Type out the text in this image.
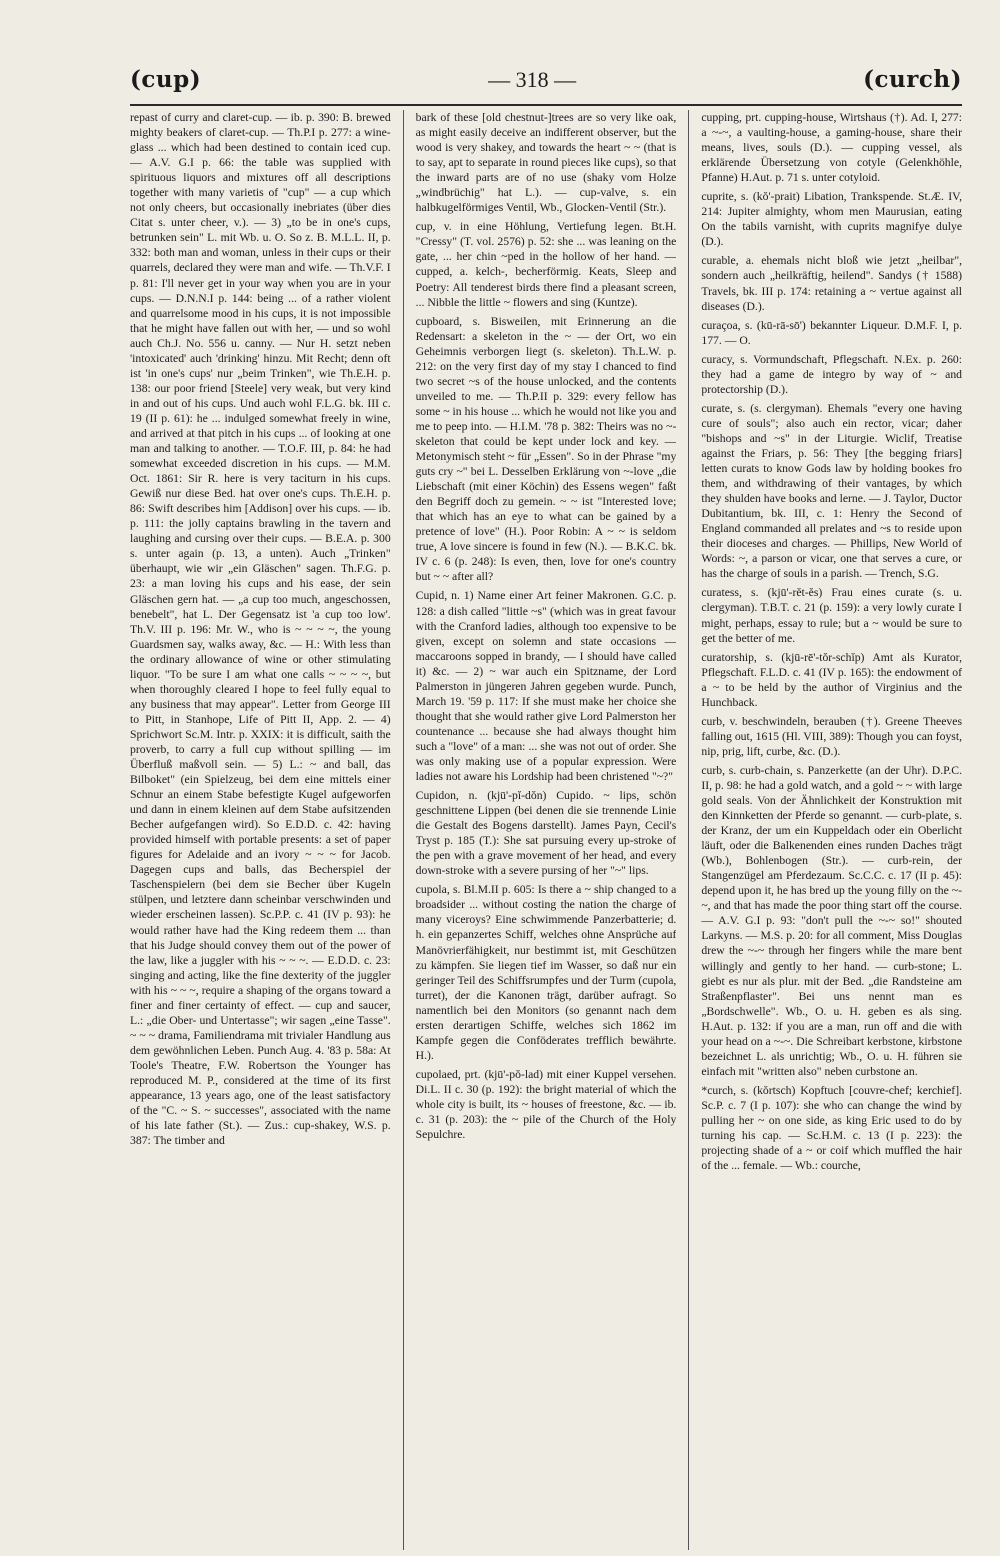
(cup)	— 318 —	(curch)

repast of curry and claret-cup. — ib. p. 390: B. brewed mighty beakers of claret-cup. — Th.P.I p. 277: a wine-glass ... which had been destined to contain iced cup. — A.V. G.I p. 66: the table was supplied with spirituous liquors and mixtures off all descriptions together with many varietis of "cup" — a cup which not only cheers, but occasionally inebriates (über dies Citat s. unter cheer, v.). — 3) „to be in one's cups, betrunken sein" L. mit Wb. u. O. So z. B. M.L.L. II, p. 332: both man and woman, unless in their cups or their quarrels, declared they were man and wife. — Th.V.F. I p. 81: I'll never get in your way when you are in your cups. — D.N.N.I p. 144: being ... of a rather violent and quarrelsome mood in his cups, it is not impossible that he might have fallen out with her, — und so wohl auch Ch.J. No. 556 u. canny. — Nur H. setzt neben 'intoxicated' auch 'drinking' hinzu. Mit Recht; denn oft ist 'in one's cups' nur „beim Trinken", wie Th.E.H. p. 138: our poor friend [Steele] very weak, but very kind in and out of his cups. Und auch wohl F.L.G. bk. III c. 19 (II p. 61): he ... indulged somewhat freely in wine, and arrived at that pitch in his cups ... of looking at one man and talking to another. — T.O.F. III, p. 84: he had somewhat exceeded discretion in his cups. — M.M. Oct. 1861: Sir R. here is very taciturn in his cups. Gewiß nur diese Bed. hat over one's cups. Th.E.H. p. 86: Swift describes him [Addison] over his cups. — ib. p. 111: the jolly captains brawling in the tavern and laughing and cursing over their cups. — B.E.A. p. 300 s. unter again (p. 13, a unten). Auch „Trinken" überhaupt, wie wir „ein Gläschen" sagen. Th.F.G. p. 23: a man loving his cups and his ease, der sein Gläschen gern hat. — „a cup too much, angeschossen, benebelt", hat L. Der Gegensatz ist 'a cup too low'. Th.V. III p. 196: Mr. W., who is ~ ~ ~ ~, the young Guardsmen say, walks away, &c. — H.: With less than the ordinary allowance of wine or other stimulating liquor. "To be sure I am what one calls ~ ~ ~ ~, but when thoroughly cleared I hope to feel fully equal to any business that may appear". Letter from George III to Pitt, in Stanhope, Life of Pitt II, App. 2. — 4) Sprichwort Sc.M. Intr. p. XXIX: it is difficult, saith the proverb, to carry a full cup without spilling — im Überfluß maßvoll sein. — 5) L.: ~ and ball, das Bilboket" (ein Spielzeug, bei dem eine mittels einer Schnur an einem Stabe befestigte Kugel aufgeworfen und dann in einem kleinen auf dem Stabe aufsitzenden Becher aufgefangen wird). So E.D.D. c. 42: having provided himself with portable presents: a set of paper figures for Adelaide and an ivory ~ ~ ~ for Jacob. Dagegen cups and balls, das Becherspiel der Taschenspielern (bei dem sie Becher über Kugeln stülpen, und letztere dann scheinbar verschwinden und wieder erscheinen lassen). Sc.P.P. c. 41 (IV p. 93): he would rather have had the King redeem them ... than that his Judge should convey them out of the power of the law, like a juggler with his ~ ~ ~. — E.D.D. c. 23: singing and acting, like the fine dexterity of the juggler with his ~ ~ ~, require a shaping of the organs toward a finer and finer certainty of effect. — cup and saucer, L.: „die Ober- und Untertasse"; wir sagen „eine Tasse". ~ ~ ~ drama, Familiendrama mit trivialer Handlung aus dem gewöhnlichen Leben. Punch Aug. 4. '83 p. 58a: At Toole's Theatre, F.W. Robertson the Younger has reproduced M. P., considered at the time of its first appearance, 13 years ago, one of the least satisfactory of the "C. ~ S. ~ successes", associated with the name of his late father (St.). — Zus.: cup-shakey, W.S. p. 387: The timber and

bark of these [old chestnut-]trees are so very like oak, as might easily deceive an indifferent observer, but the wood is very shakey, and towards the heart ~ ~ (that is to say, apt to separate in round pieces like cups), so that the inward parts are of no use (shaky vom Holze „windbrüchig" hat L.). — cup-valve, s. ein halbkugelförmiges Ventil, Wb., Glocken-Ventil (Str.).

cup, v. in eine Höhlung, Vertiefung legen. Bt.H. "Cressy" (T. vol. 2576) p. 52: she ... was leaning on the gate, ... her chin ~ped in the hollow of her hand. — cupped, a. kelch-, becherförmig. Keats, Sleep and Poetry: All tenderest birds there find a pleasant screen, ... Nibble the little ~ flowers and sing (Kuntze).

cupboard, s. Bisweilen, mit Erinnerung an die Redensart: a skeleton in the ~ — der Ort, wo ein Geheimnis verborgen liegt (s. skeleton). Th.L.W. p. 212: on the very first day of my stay I chanced to find two secret ~s of the house unlocked, and the contents unveiled to me. — Th.P.II p. 329: every fellow has some ~ in his house ... which he would not like you and me to peep into. — H.I.M. '78 p. 382: Theirs was no ~-skeleton that could be kept under lock and key. — Metonymisch steht ~ für „Essen". So in der Phrase "my guts cry ~" bei L. Desselben Erklärung von ~-love „die Liebschaft (mit einer Köchin) des Essens wegen" faßt den Begriff doch zu gemein. ~ ~ ist "Interested love; that which has an eye to what can be gained by a pretence of love" (H.). Poor Robin: A ~ ~ is seldom true, A love sincere is found in few (N.). — B.K.C. bk. IV c. 6 (p. 248): Is even, then, love for one's country but ~ ~ after all?

Cupid, n. 1) Name einer Art feiner Makronen. G.C. p. 128: a dish called "little ~s" (which was in great favour with the Cranford ladies, although too expensive to be given, except on solemn and state occasions — maccaroons sopped in brandy, — I should have called it) &c. — 2) ~ war auch ein Spitzname, der Lord Palmerston in jüngeren Jahren gegeben wurde. Punch, March 19. '59 p. 117: If she must make her choice she thought that she would rather give Lord Palmerston her countenance ... because she had always thought him such a "love" of a man: ... she was not out of order. She was only making use of a popular expression. Were ladies not aware his Lordship had been christened "~?"

Cupidon, n. (kjū'-pĭ-dŏn) Cupido. ~ lips, schön geschnittene Lippen (bei denen die sie trennende Linie die Gestalt des Bogens darstellt). James Payn, Cecil's Tryst p. 185 (T.): She sat pursuing every up-stroke of the pen with a grave movement of her head, and every down-stroke with a severe pursing of her "~" lips.

cupola, s. Bl.M.II p. 605: Is there a ~ ship changed to a broadsider ... without costing the nation the charge of many viceroys? Eine schwimmende Panzerbatterie; d. h. ein gepanzertes Schiff, welches ohne Ansprüche auf Manövrierfähigkeit, nur bestimmt ist, mit Geschützen zu kämpfen. Sie liegen tief im Wasser, so daß nur ein geringer Teil des Schiffsrumpfes und der Turm (cupola, turret), der die Kanonen trägt, darüber aufragt. So namentlich bei den Monitors (so genannt nach dem ersten derartigen Schiffe, welches sich 1862 im Kampfe gegen die Conföderates trefflich bewährte. H.).

cupolaed, prt. (kjū'-pŏ-lad) mit einer Kuppel versehen. Di.L. II c. 30 (p. 192): the bright material of which the whole city is built, its ~ houses of freestone, &c. — ib. c. 31 (p. 203): the ~ pile of the Church of the Holy Sepulchre.

cupping, prt. cupping-house, Wirtshaus (†). Ad. I, 277: a ~-~, a vaulting-house, a gaming-house, share their means, lives, souls (D.). — cupping vessel, als erklärende Übersetzung von cotyle (Gelenkhöhle, Pfanne) H.Aut. p. 71 s. unter cotyloid.

cuprite, s. (kŏ'-prait) Libation, Trankspende. St.Æ. IV, 214: Jupiter almighty, whom men Maurusian, eating On the tabils varnisht, with cuprits magnifye dulye (D.).

curable, a. ehemals nicht bloß wie jetzt „heilbar", sondern auch „heilkräftig, heilend". Sandys († 1588) Travels, bk. III p. 174: retaining a ~ vertue against all diseases (D.).

curaçoa, s. (kū-rā-sō') bekannter Liqueur. D.M.F. I, p. 177. — O.

curacy, s. Vormundschaft, Pflegschaft. N.Ex. p. 260: they had a game de integro by way of ~ and protectorship (D.).

curate, s. (s. clergyman). Ehemals "every one having cure of souls"; also auch ein rector, vicar; daher "bishops and ~s" in der Liturgie. Wiclif, Treatise against the Friars, p. 56: They [the begging friars] letten curats to know Gods law by holding bookes fro them, and withdrawing of their vantages, by which they shulden have books and lerne. — J. Taylor, Ductor Dubitantium, bk. III, c. 1: Henry the Second of England commanded all prelates and ~s to reside upon their dioceses and charges. — Phillips, New World of Words: ~, a parson or vicar, one that serves a cure, or has the charge of souls in a parish. — Trench, S.G.

curatess, s. (kjū'-rĕt-ĕs) Frau eines curate (s. u. clergyman). T.B.T. c. 21 (p. 159): a very lowly curate I might, perhaps, essay to rule; but a ~ would be sure to get the better of me.

curatorship, s. (kjū-rē'-tŏr-schĭp) Amt als Kurator, Pflegschaft. F.L.D. c. 41 (IV p. 165): the endowment of a ~ to be held by the author of Virginius and the Hunchback.

curb, v. beschwindeln, berauben (†). Greene Theeves falling out, 1615 (Hl. VIII, 389): Though you can foyst, nip, prig, lift, curbe, &c. (D.).

curb, s. curb-chain, s. Panzerkette (an der Uhr). D.P.C. II, p. 98: he had a gold watch, and a gold ~ ~ with large gold seals. Von der Ähnlichkeit der Konstruktion mit den Kinnketten der Pferde so genannt. — curb-plate, s. der Kranz, der um ein Kuppeldach oder ein Oberlicht läuft, oder die Balkenenden eines runden Daches trägt (Wb.), Bohlenbogen (Str.). — curb-rein, der Stangenzügel am Pferdezaum. Sc.C.C. c. 17 (II p. 45): depend upon it, he has bred up the young filly on the ~-~, and that has made the poor thing start off the course. — A.V. G.I p. 93: "don't pull the ~-~ so!" shouted Larkyns. — M.S. p. 20: for all comment, Miss Douglas drew the ~-~ through her fingers while the mare bent willingly and gently to her hand. — curb-stone; L. giebt es nur als plur. mit der Bed. „die Randsteine am Straßenpflaster". Bei uns nennt man es „Bordschwelle". Wb., O. u. H. geben es als sing. H.Aut. p. 132: if you are a man, run off and die with your head on a ~-~. Die Schreibart kerbstone, kirbstone bezeichnet L. als unrichtig; Wb., O. u. H. führen sie einfach mit "written also" neben curbstone an.

*curch, s. (kŏrtsch) Kopftuch [couvre-chef; kerchief]. Sc.P. c. 7 (I p. 107): she who can change the wind by pulling her ~ on one side, as king Eric used to do by turning his cap. — Sc.H.M. c. 13 (I p. 223): the projecting shade of a ~ or coif which muffled the hair of the ... female. — Wb.: courche,
